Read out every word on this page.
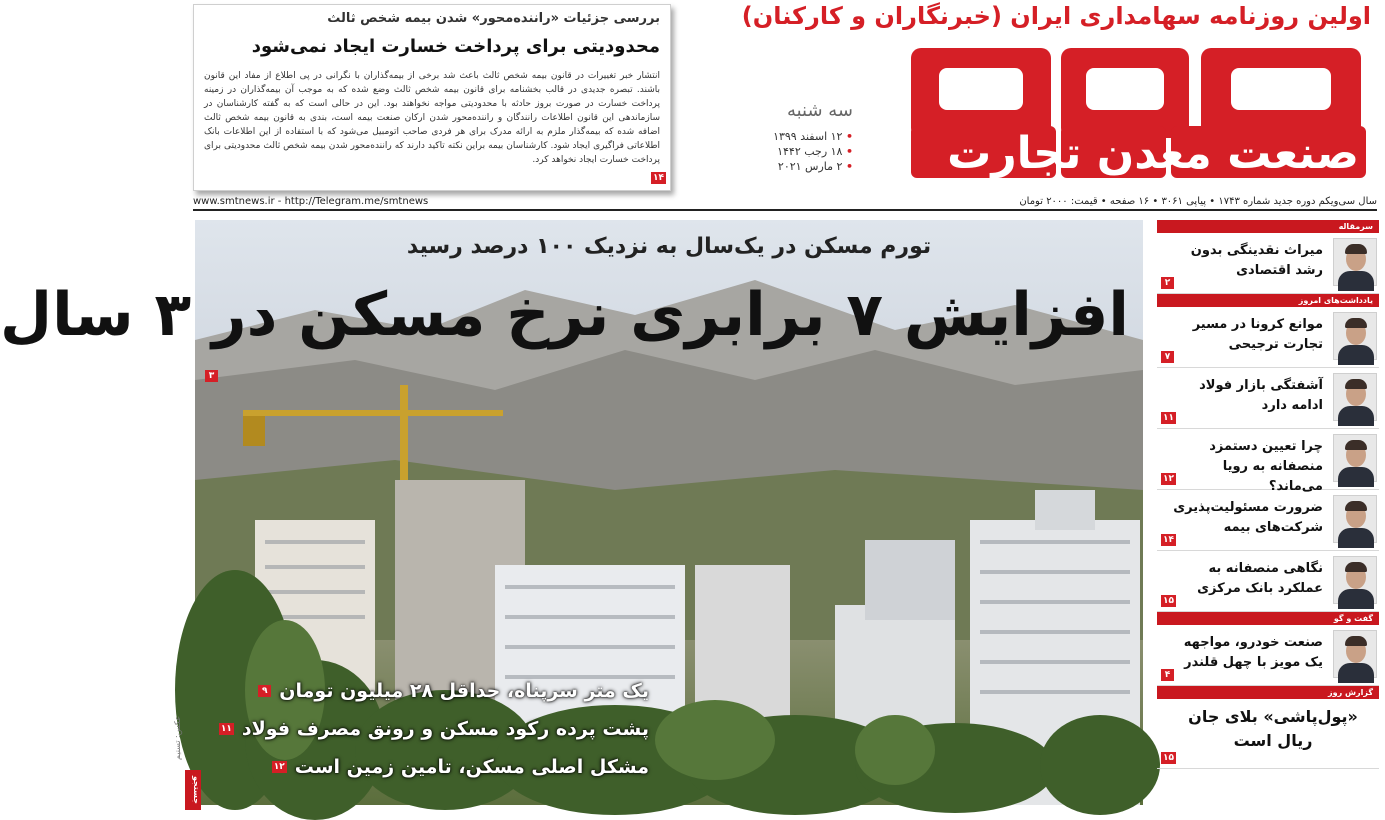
اولین روزنامه سهامداری ایران (خبرنگاران و کارکنان)
صنعت معدن تجارت
سه شنبه
• ۱۲ اسفند ۱۳۹۹
• ۱۸ رجب ۱۴۴۲
• ۲ مارس ۲۰۲۱
بررسی جزئیات «راننده‌محور» شدن بیمه شخص ثالث
محدودیتی برای پرداخت خسارت ایجاد نمی‌شود
انتشار خبر تغییرات در قانون بیمه شخص ثالث باعث شد برخی از بیمه‌گذاران با نگرانی در پی اطلاع از مفاد این قانون باشند. تبصره جدیدی در قالب بخشنامه برای قانون بیمه شخص ثالث وضع شده که به موجب آن بیمه‌گذاران در زمینه پرداخت خسارت در صورت بروز حادثه با محدودیتی مواجه نخواهند بود. این در حالی است که به گفته کارشناسان در سازماندهی این قانون اطلاعات رانندگان و راننده‌محور شدن ارکان صنعت بیمه است، بندی به قانون بیمه شخص ثالث اضافه شده که بیمه‌گذار ملزم به ارائه مدرک برای هر فردی صاحب اتومبیل می‌شود که با استفاده از این اطلاعات بانک اطلاعاتی فراگیری ایجاد شود. کارشناسان بیمه براین نکته تاکید دارند که راننده‌محور شدن بیمه شخص ثالث محدودیتی برای پرداخت خسارت ایجاد نخواهد کرد.
۱۴
سال سی‌ویکم دوره جدید شماره ۱۷۴۳ • پیاپی ۳۰۶۱ • ۱۶ صفحه • قیمت: ۲۰۰۰ تومان
www.smtnews.ir - http://Telegram.me/smtnews
تورم مسکن در یک‌سال به نزدیک ۱۰۰ درصد رسید
افزایش ۷ برابری نرخ مسکن در ۳ سال
۳
یک متر سرپناه، حداقل ۲۸ میلیون تومان
۹
پشت پرده رکود مسکن و رونق مصرف فولاد
۱۱
مشکل اصلی مسکن، تامین زمین است
۱۲
عکس: تسنیم
جستجو
سرمقاله
میراث نقدینگی بدون رشد اقتصادی
۲
یادداشت‌های امروز
موانع کرونا در مسیر تجارت ترجیحی
۷
آشفتگی بازار فولاد ادامه دارد
۱۱
چرا تعیین دستمزد منصفانه به رویا می‌ماند؟
۱۲
ضرورت مسئولیت‌پذیری شرکت‌های بیمه
۱۴
نگاهی منصفانه به عملکرد بانک مرکزی
۱۵
گفت و گو
صنعت خودرو، مواجهه یک مویز با چهل قلندر
۴
گزارش روز
«پول‌پاشی» بلای جان ریال است
۱۵
